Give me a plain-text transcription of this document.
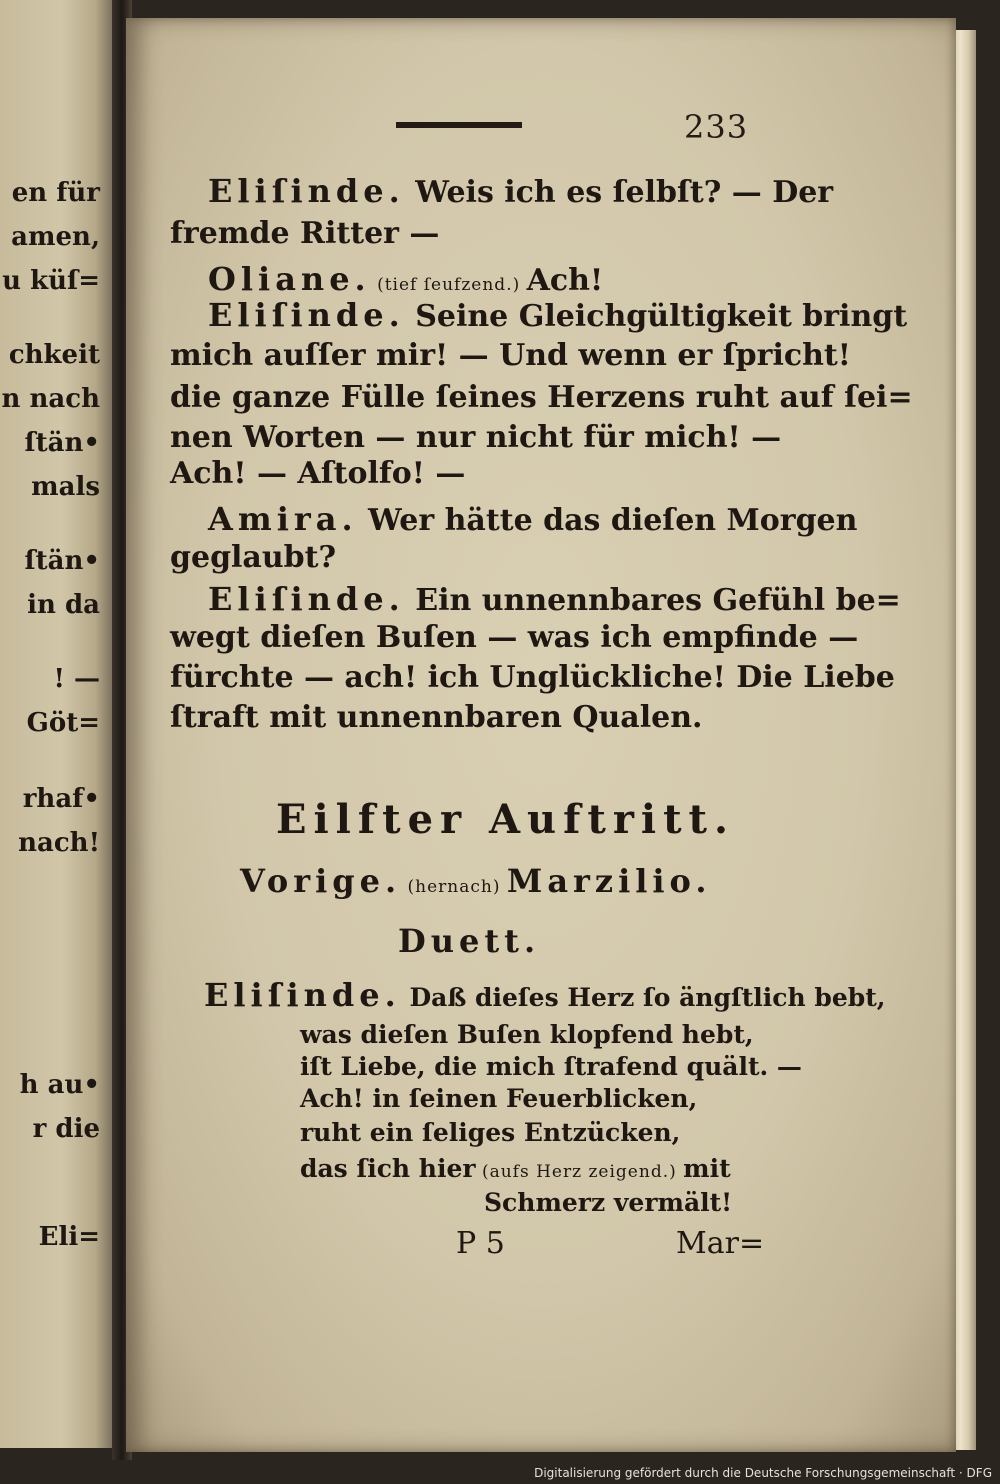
en für
amen,
u küſ=
chkeit
n nach
ſtän•
mals
ſtän•
in da
! —
Göt=
rhaf•
nach!
h au•
r die
Eli=
233
Eliſinde. Weis ich es ſelbſt? — Der
fremde Ritter —
Oliane. (tief ſeufzend.) Ach!
Eliſinde. Seine Gleichgültigkeit bringt
mich auſſer mir! — Und wenn er ſpricht!
die ganze Fülle ſeines Herzens ruht auf ſei=
nen Worten — nur nicht für mich! —
Ach! — Aſtolfo! —
Amira. Wer hätte das dieſen Morgen
geglaubt?
Eliſinde. Ein unnennbares Gefühl be=
wegt dieſen Buſen — was ich empfinde —
fürchte — ach! ich Unglückliche! Die Liebe
ſtraft mit unnennbaren Qualen.
Eilfter Auftritt.
Vorige. (hernach) Marzilio.
Duett.
Eliſinde. Daß dieſes Herz ſo ängſtlich bebt,
was dieſen Buſen klopfend hebt,
iſt Liebe, die mich ſtrafend quält. —
Ach! in ſeinen Feuerblicken,
ruht ein ſeliges Entzücken,
das ſich hier (aufs Herz zeigend.) mit
Schmerz vermält!
P 5	Mar=
Digitalisierung gefördert durch die Deutsche Forschungsgemeinschaft · DFG
